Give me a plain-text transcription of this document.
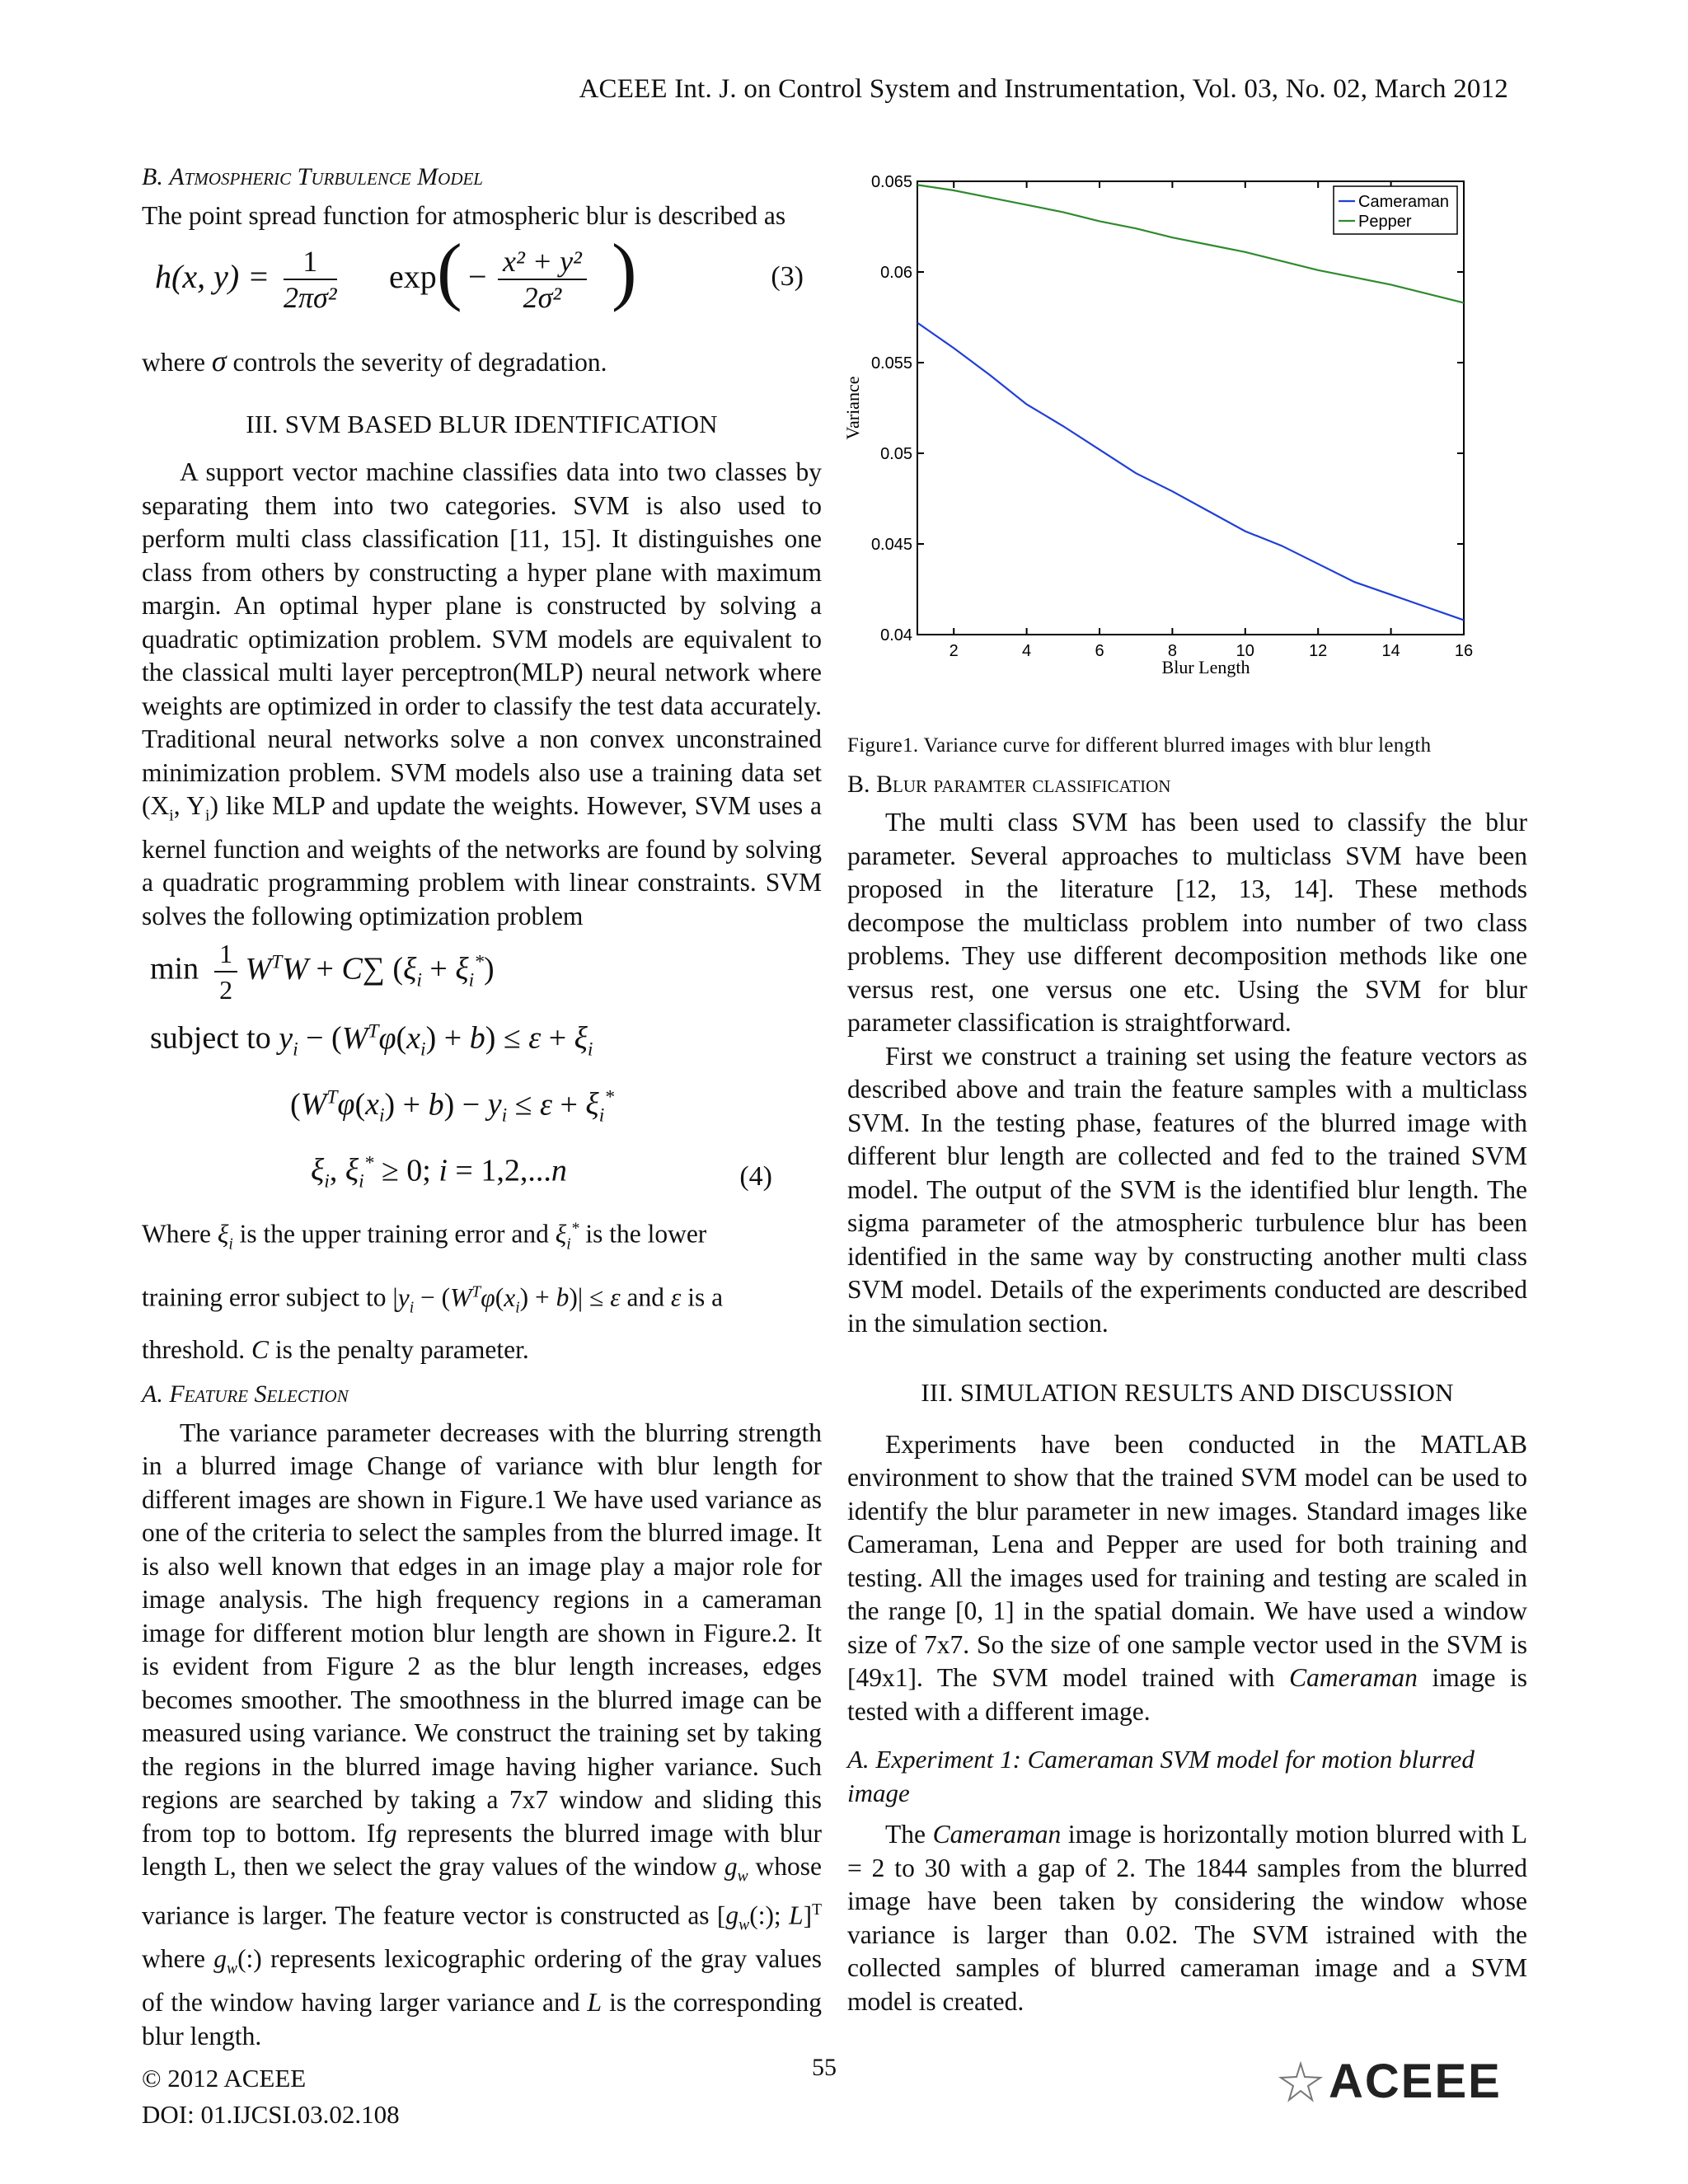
ACEEE Int. J. on Control System and Instrumentation, Vol. 03, No. 02, March 2012
B. Atmospheric Turbulence Model

The point spread function for atmospheric blur is described as

h(x, $y) = \frac{1}{\text{2πσ²}}$ exp ( − $\frac{\text{x² + y²}}{\text{2σ²}}$ )	(3)

where σ controls the severity of degradation.

III. SVM BASED BLUR IDENTIFICATION

A support vector machine classifies data into two classes by separating them into two categories. SVM is also used to perform multi class classification [11, 15]. It distinguishes one class from others by constructing a hyper plane with maximum margin. An optimal hyper plane is constructed by solving a quadratic optimization problem. SVM models are equivalent to the classical multi layer perceptron(MLP) neural network where weights are optimized in order to classify the test data accurately. Traditional neural networks solve a non convex unconstrained minimization problem. SVM models also use a training data set ($X_i$, $Y_i$) like MLP and update the weights. However, SVM uses a kernel function and weights of the networks are found by solving a quadratic programming problem with linear constraints. SVM solves the following optimization problem

$\min \frac{1}{2} W^TW + C\sum$ $(\xi_i + \xi_i^*)$
subject to $y_i - (W^T\varphi(x_i) + b) \le \varepsilon + \xi_i$
$(W^T\varphi(x_i) + b) - y_i \le \varepsilon + \xi_i^*$
$\xi_i$, $\xi_i^* \ge 0$; i = 1,2,...n	(4)

Where $\xi_i$ is the upper training error and $\xi_i^*$ is the lower

training error subject to $|y_i - (W^T\varphi(x_i) + b)| \le \varepsilon$ and ε is a

threshold. C is the penalty parameter.

A. Feature Selection

The variance parameter decreases with the blurring strength in a blurred image Change of variance with blur length for different images are shown in Figure.1 We have used variance as one of the criteria to select the samples from the blurred image. It is also well known that edges in an image play a major role for image analysis. The high frequency regions in a cameraman image for different motion blur length are shown in Figure.2. It is evident from Figure 2 as the blur length increases, edges becomes smoother. The smoothness in the blurred image can be measured using variance. We construct the training set by taking the regions in the blurred image having higher variance. Such regions are searched by taking a 7x7 window and sliding this from top to bottom. Ifg represents the blurred image with blur length L, then we select the gray values of the window $g_w$ whose variance is larger. The feature vector is constructed as [$g_w(:)$; L]$^T$ where $g_w(:)$ represents lexicographic ordering of the gray values of the window having larger variance and L is the corresponding blur length.

Variance
Blur Length
0.04
0.045
0.05
0.055
0.06
0.065
2	4	6	8	10	12	14	16
Cameraman
Pepper
Figure1. Variance curve for different blurred images with blur length
B. Blur paramter classification

The multi class SVM has been used to classify the blur parameter. Several approaches to multiclass SVM have been proposed in the literature [12, 13, 14]. These methods decompose the multiclass problem into number of two class problems. They use different decomposition methods like one versus rest, one versus one etc. Using the SVM for blur parameter classification is straightforward.

First we construct a training set using the feature vectors as described above and train the feature samples with a multiclass SVM. In the testing phase, features of the blurred image with different blur length are collected and fed to the trained SVM model. The output of the SVM is the identified blur length. The sigma parameter of the atmospheric turbulence blur has been identified in the same way by constructing another multi class SVM model. Details of the experiments conducted are described in the simulation section.

III. SIMULATION RESULTS AND DISCUSSION

Experiments have been conducted in the MATLAB environment to show that the trained SVM model can be used to identify the blur parameter in new images. Standard images like Cameraman, Lena and Pepper are used for both training and testing. All the images used for training and testing are scaled in the range [0, 1] in the spatial domain. We have used a window size of 7x7. So the size of one sample vector used in the SVM is [49x1]. The SVM model trained with Cameraman image is tested with a different image.

A. Experiment 1: Cameraman SVM model for motion blurred image

The Cameraman image is horizontally motion blurred with L = 2 to 30 with a gap of 2. The 1844 samples from the blurred image have been taken by considering the window whose variance is larger than 0.02. The SVM istrained with the collected samples of blurred cameraman image and a SVM model is created.

© 2012 ACEEE
DOI: 01.IJCSI.03.02.108
55	ACEEE
